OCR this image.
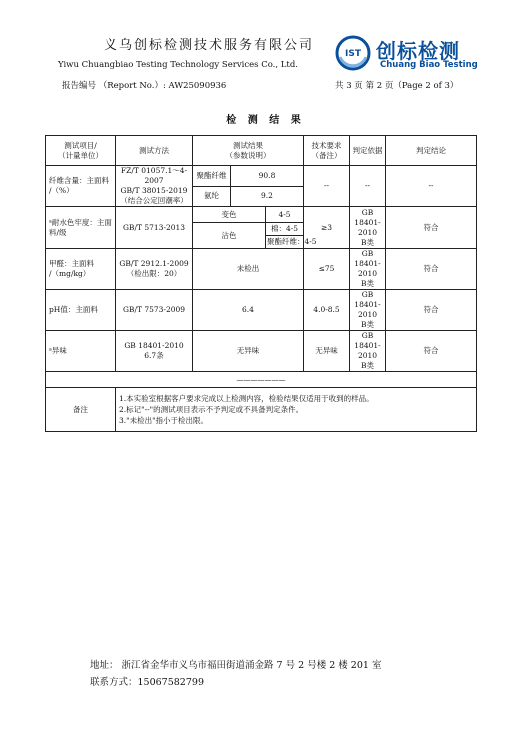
义乌创标检测技术服务有限公司
Yiwu Chuangbiao Testing Technology Services Co., Ltd.
IST 创标检测
Chuang Biao Testing
报告编号 （Report No.）: AW25090936	共 3 页 第 2 页（Page 2 of 3）
检 测 结 果
测试项目/
（计量单位）	测试方法	测试结果
（参数说明）			技术要求
（备注）	判定依据	判定结论
纤维含量：主面料
/（%）	FZ/T 01057.1～4-2007
GB/T 38015-2019
（结合公定回潮率）	聚酯纤维	90.8		--	--	--
		氨纶	9.2				
ᵃ耐水色牢度：主面
料/级	GB/T 5713-2013	变色		4-5	≥3	GB 18401-2010
B类	符合
		沾色		棉：4-5			
				聚酯纤维：4-5			
甲醛：主面料
/（mg/kg）	GB/T 2912.1-2009
（检出限：20）	未检出			≤75	GB 18401-2010
B类	符合
pH值：主面料	GB/T 7573-2009	6.4			4.0-8.5	GB 18401-2010
B类	符合
ᵃ异味	GB 18401-2010
6.7条	无异味			无异味	GB 18401-2010
B类	符合
———————							
备注	1.本实验室根据客户要求完成以上检测内容，检验结果仅适用于收到的样品。
2.标记"--"的测试项目表示不予判定或不具备判定条件。
3."未检出"指小于检出限。						
地址： 浙江省金华市义乌市福田街道涌金路 7 号 2 号楼 2 楼 201 室
联系方式：15067582799
